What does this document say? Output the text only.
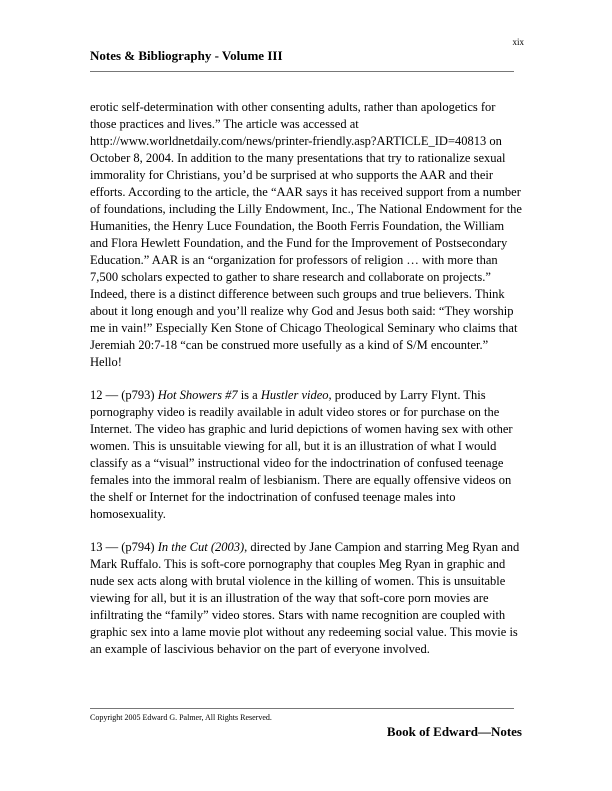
xix
Notes & Bibliography - Volume III

erotic self-determination with other consenting adults, rather than apologetics for those practices and lives.” The article was accessed at http://www.worldnetdaily.com/news/printer-friendly.asp?ARTICLE_ID=40813 on October 8, 2004. In addition to the many presentations that try to rationalize sexual immorality for Christians, you’d be surprised at who supports the AAR and their efforts. According to the article, the “AAR says it has received support from a number of foundations, including the Lilly Endowment, Inc., The National Endowment for the Humanities, the Henry Luce Foundation, the Booth Ferris Foundation, the William and Flora Hewlett Foundation, and the Fund for the Improvement of Postsecondary Education.” AAR is an “organization for professors of religion … with more than 7,500 scholars expected to gather to share research and collaborate on projects.” Indeed, there is a distinct difference between such groups and true believers. Think about it long enough and you’ll realize why God and Jesus both said: “They worship me in vain!” Especially Ken Stone of Chicago Theological Seminary who claims that Jeremiah 20:7-18 “can be construed more usefully as a kind of S/M encounter.” Hello!

12 — (p793) Hot Showers #7 is a Hustler video, produced by Larry Flynt. This pornography video is readily available in adult video stores or for purchase on the Internet. The video has graphic and lurid depictions of women having sex with other women. This is unsuitable viewing for all, but it is an illustration of what I would classify as a “visual” instructional video for the indoctrination of confused teenage females into the immoral realm of lesbianism. There are equally offensive videos on the shelf or Internet for the indoctrination of confused teenage males into homosexuality.

13 — (p794) In the Cut (2003), directed by Jane Campion and starring Meg Ryan and Mark Ruffalo. This is soft-core pornography that couples Meg Ryan in graphic and nude sex acts along with brutal violence in the killing of women. This is unsuitable viewing for all, but it is an illustration of the way that soft-core porn movies are infiltrating the “family” video stores. Stars with name recognition are coupled with graphic sex into a lame movie plot without any redeeming social value. This movie is an example of lascivious behavior on the part of everyone involved.

Copyright 2005 Edward G. Palmer, All Rights Reserved.
Book of Edward—Notes
